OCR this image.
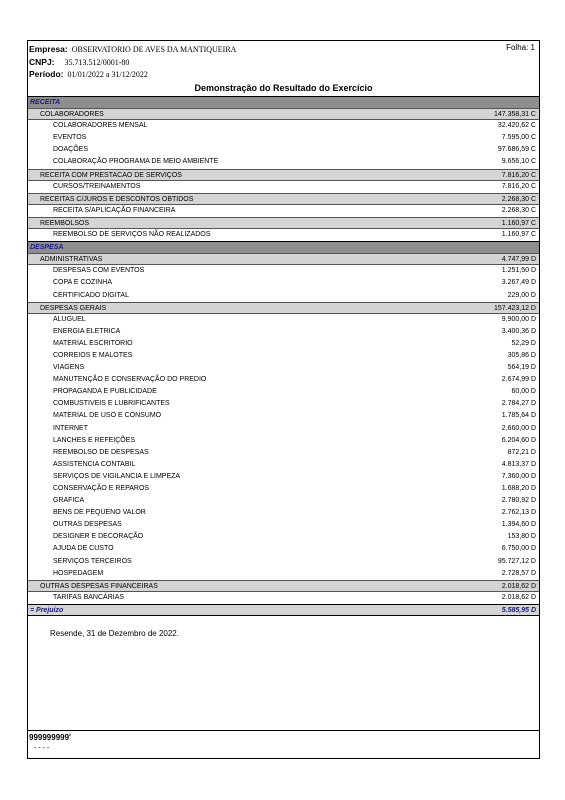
Empresa: OBSERVATORIO DE AVES DA MANTIQUEIRA	Folha: 1
CNPJ: 35.713.512/0001-80
Período: 01/01/2022 a 31/12/2022
Demonstração do Resultado do Exercício
RECEITA
COLABORADORES	147.358,31 C
COLABORADORES MENSAL	32.420,62 C
EVENTOS	7.595,00 C
DOAÇÕES	97.686,59 C
COLABORAÇÃO PROGRAMA DE MEIO AMBIENTE	9.656,10 C
RECEITA COM PRESTACAO DE SERVIÇOS	7.816,20 C
CURSOS/TREINAMENTOS	7.816,20 C
RECEITAS C/JUROS E DESCONTOS OBTIDOS	2.268,30 C
RECEITA S/APLICAÇÃO FINANCEIRA	2.268,30 C
REEMBOLSOS	1.160,97 C
REEMBOLSO DE SERVIÇOS NÃO REALIZADOS	1.160,97 C
DESPESA
ADMINISTRATIVAS	4.747,99 D
DESPESAS COM EVENTOS	1.251,50 D
COPA E COZINHA	3.267,49 D
CERTIFICADO DIGITAL	229,00 D
DESPESAS GERAIS	157.423,12 D
ALUGUEL	9.900,00 D
ENERGIA ELETRICA	3.400,36 D
MATERIAL ESCRITORIO	52,29 D
CORREIOS E MALOTES	305,86 D
VIAGENS	564,19 D
MANUTENÇÃO E CONSERVAÇÃO DO PREDIO	2.674,99 D
PROPAGANDA E PUBLICIDADE	60,00 D
COMBUSTIVEIS E LUBRIFICANTES	2.784,27 D
MATERIAL DE USO E CONSUMO	1.785,64 D
INTERNET	2.660,00 D
LANCHES E REFEIÇÕES	6.204,60 D
REEMBOLSO DE DESPESAS	872,21 D
ASSISTENCIA CONTABIL	4.813,37 D
SERVIÇOS DE VIGILANCIA E LIMPEZA	7.360,00 D
CONSERVAÇÃO E REPAROS	1.688,20 D
GRAFICA	2.780,92 D
BENS DE PEQUENO VALOR	2.762,13 D
OUTRAS DESPESAS	1.394,60 D
DESIGNER E DECORAÇÃO	153,80 D
AJUDA DE CUSTO	6.750,00 D
SERVIÇOS TERCEIROS	95.727,12 D
HOSPEDAGEM	2.728,57 D
OUTRAS DESPESAS FINANCEIRAS	2.018,62 D
TARIFAS BANCÁRIAS	2.018,62 D
= Prejuízo	5.585,95 D
Resende, 31 de Dezembro de 2022.
999999999'
- - - -
